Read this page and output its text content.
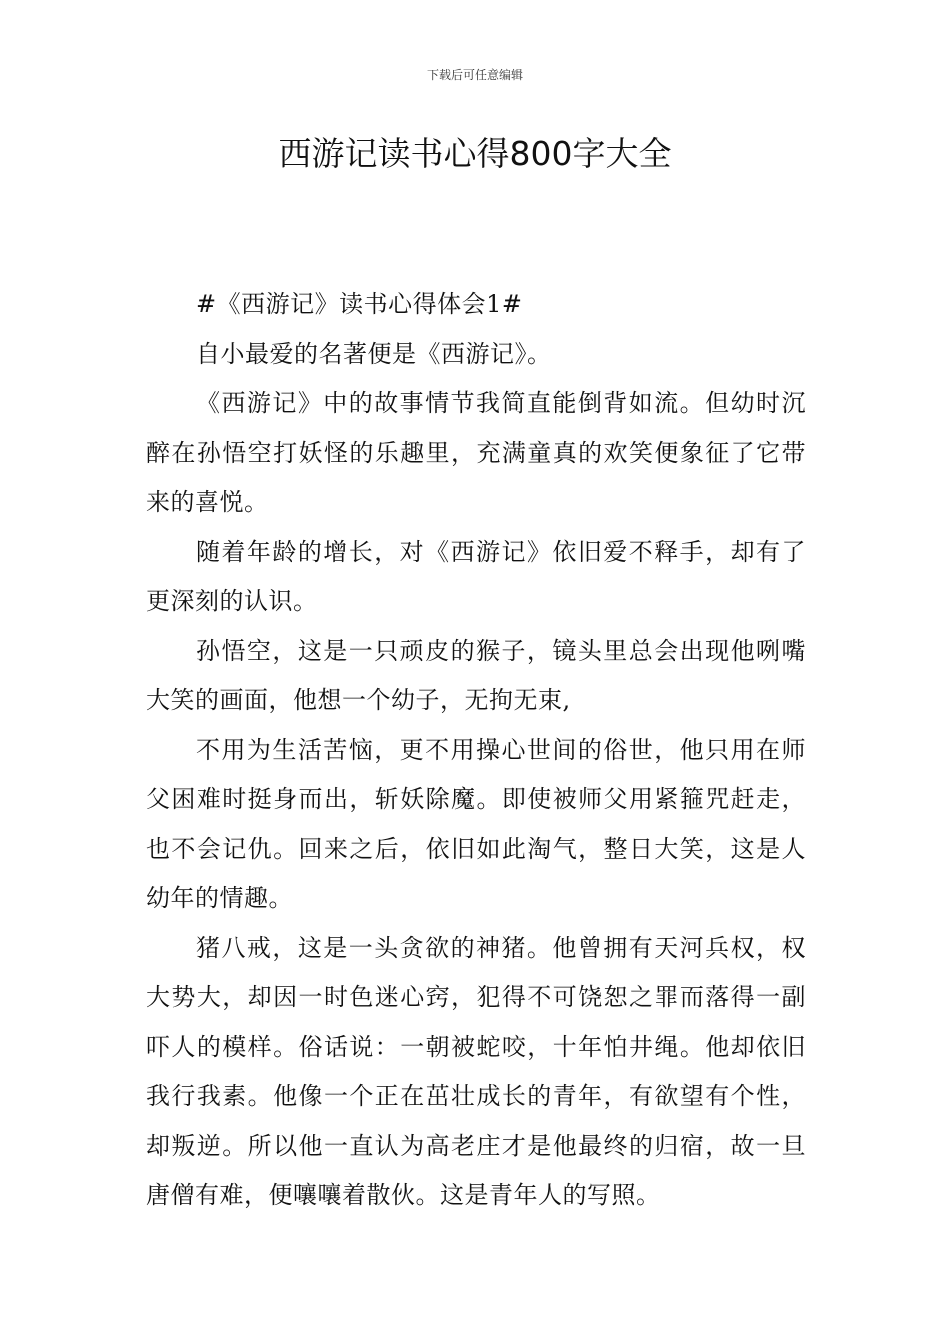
下载后可任意编辑
西游记读书心得800字大全

#《西游记》读书心得体会1#

自小最爱的名著便是《西游记》。

《西游记》中的故事情节我简直能倒背如流。但幼时沉醉在孙悟空打妖怪的乐趣里，充满童真的欢笑便象征了它带来的喜悦。

随着年龄的增长，对《西游记》依旧爱不释手，却有了更深刻的认识。

孙悟空，这是一只顽皮的猴子，镜头里总会出现他咧嘴大笑的画面，他想一个幼子，无拘无束,

不用为生活苦恼，更不用操心世间的俗世，他只用在师父困难时挺身而出，斩妖除魔。即使被师父用紧箍咒赶走，也不会记仇。回来之后，依旧如此淘气，整日大笑，这是人幼年的情趣。

猪八戒，这是一头贪欲的神猪。他曾拥有天河兵权，权大势大，却因一时色迷心窍，犯得不可饶恕之罪而落得一副吓人的模样。俗话说：一朝被蛇咬，十年怕井绳。他却依旧我行我素。他像一个正在茁壮成长的青年，有欲望有个性，却叛逆。所以他一直认为高老庄才是他最终的归宿，故一旦唐僧有难，便嚷嚷着散伙。这是青年人的写照。
